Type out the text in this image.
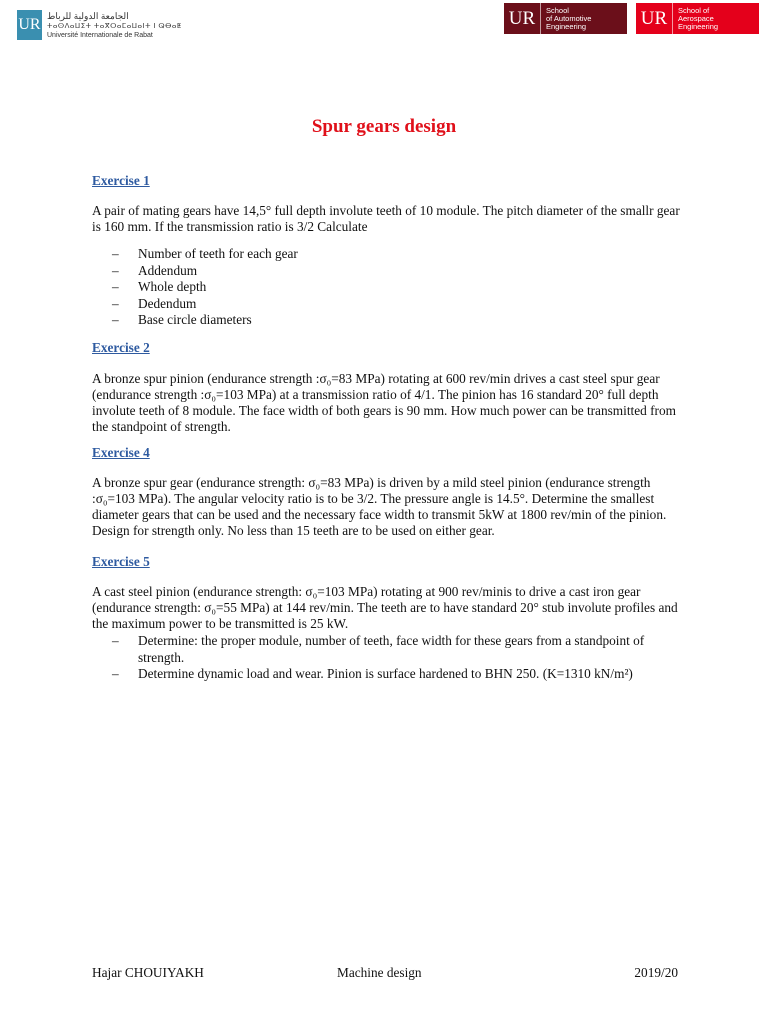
UR
الجامعة الدولية للرباط
ⵜⴰⵙⴷⴰⵡⵉⵜ ⵜⴰⴳⵔⴰⵎⴰⵡⴰⵏⵜ ⵏ ⵕⴱⴰⵟ
Université Internationale de Rabat
UR	School
of Automotive
Engineering	UR	School of
Aerospace
Engineering
Spur gears design
Exercise 1
A pair of mating gears have 14,5° full depth involute teeth of 10 module. The pitch diameter of the smallr gear is 160 mm. If the transmission ratio is 3/2 Calculate
– Number of teeth for each gear
– Addendum
– Whole depth
– Dedendum
– Base circle diameters
Exercise 2
A bronze spur pinion (endurance strength :σ₀=83 MPa) rotating at 600 rev/min drives a cast steel spur gear (endurance strength :σ₀=103 MPa) at a transmission ratio of 4/1. The pinion has 16 standard 20° full depth involute teeth of 8 module. The face width of both gears is 90 mm. How much power can be transmitted from the standpoint of strength.
Exercise 4
A bronze spur gear (endurance strength: σ₀=83 MPa) is driven by a mild steel pinion (endurance strength :σ₀=103 MPa). The angular velocity ratio is to be 3/2. The pressure angle is 14.5°. Determine the smallest diameter gears that can be used and the necessary face width to transmit 5kW at 1800 rev/min of the pinion. Design for strength only. No less than 15 teeth are to be used on either gear.
Exercise 5
A cast steel pinion (endurance strength: σ₀=103 MPa) rotating at 900 rev/minis to drive a cast iron gear (endurance strength: σ₀=55 MPa) at 144 rev/min. The teeth are to have standard 20° stub involute profiles and the maximum power to be transmitted is 25 kW.
– Determine: the proper module, number of teeth, face width for these gears from a standpoint of strength.
– Determine dynamic load and wear. Pinion is surface hardened to BHN 250. (K=1310 kN/m²)
Hajar CHOUIYAKH	Machine design	2019/20
